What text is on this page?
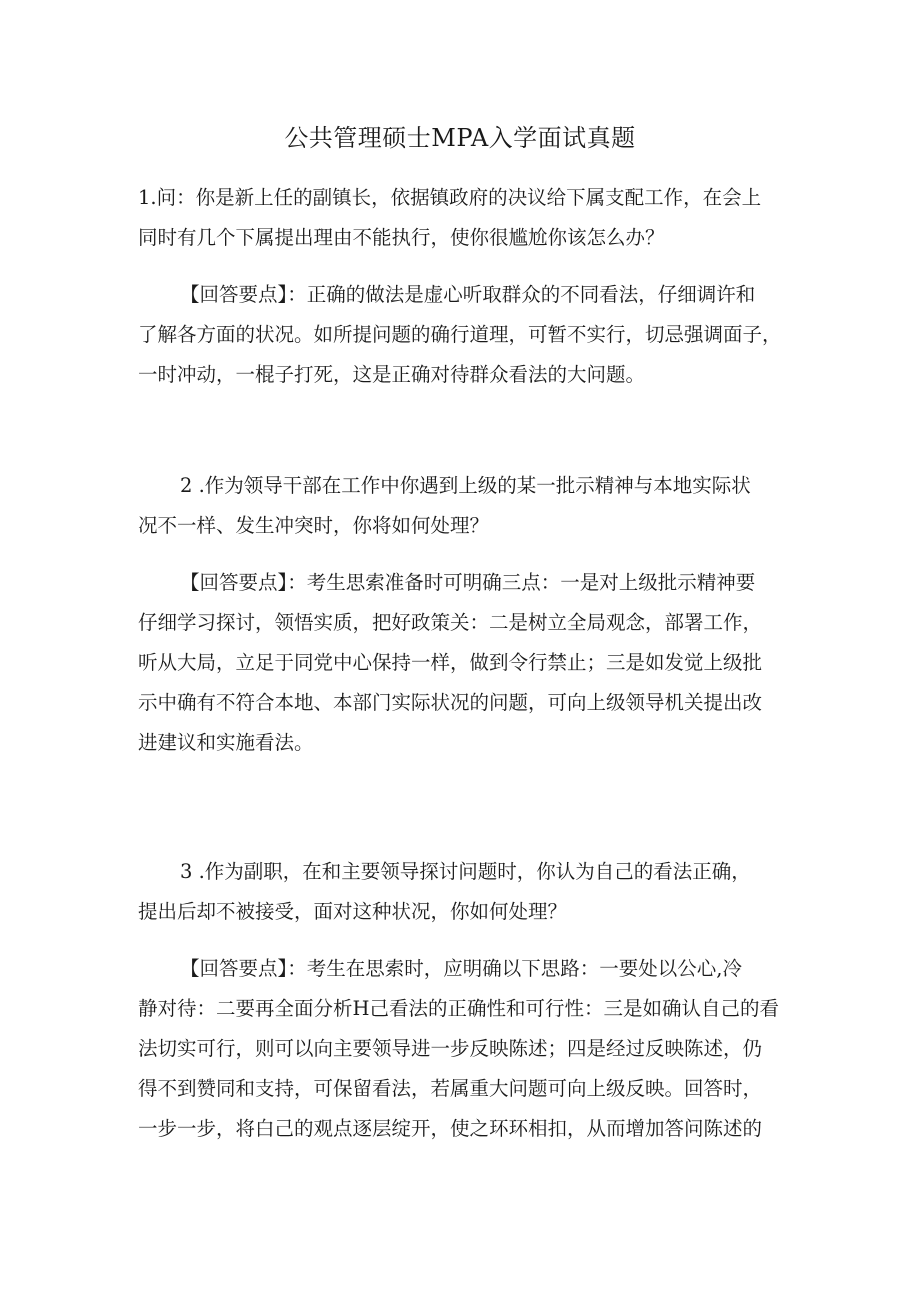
公共管理硕士MPA入学面试真题
1.问：你是新上任的副镇长，依据镇政府的决议给下属支配工作，在会上
同时有几个下属提出理由不能执行，使你很尴尬你该怎么办？
【回答要点】：正确的做法是虚心听取群众的不同看法，仔细调许和
了解各方面的状况。如所提问题的确行道理，可暂不实行，切忌强调面子，
一时冲动，一棍子打死，这是正确对待群众看法的大问题。
2 .作为领导干部在工作中你遇到上级的某一批示精神与本地实际状
况不一样、发生冲突时，你将如何处理？
【回答要点】：考生思索准备时可明确三点：一是对上级批示精神要
仔细学习探讨，领悟实质，把好政策关：二是树立全局观念，部署工作，
听从大局，立足于同党中心保持一样，做到令行禁止；三是如发觉上级批
示中确有不符合本地、本部门实际状况的问题，可向上级领导机关提出改
进建议和实施看法。
3 .作为副职，在和主要领导探讨问题时，你认为自己的看法正确，
提出后却不被接受，面对这种状况，你如何处理？
【回答要点】：考生在思索时，应明确以下思路：一要处以公心,冷
静对待：二要再全面分析H己看法的正确性和可行性：三是如确认自己的看
法切实可行，则可以向主要领导进一步反映陈述；四是经过反映陈述，仍
得不到赞同和支持，可保留看法，若属重大问题可向上级反映。回答时，
一步一步，将白己的观点逐层绽开，使之环环相扣，从而增加答问陈述的
